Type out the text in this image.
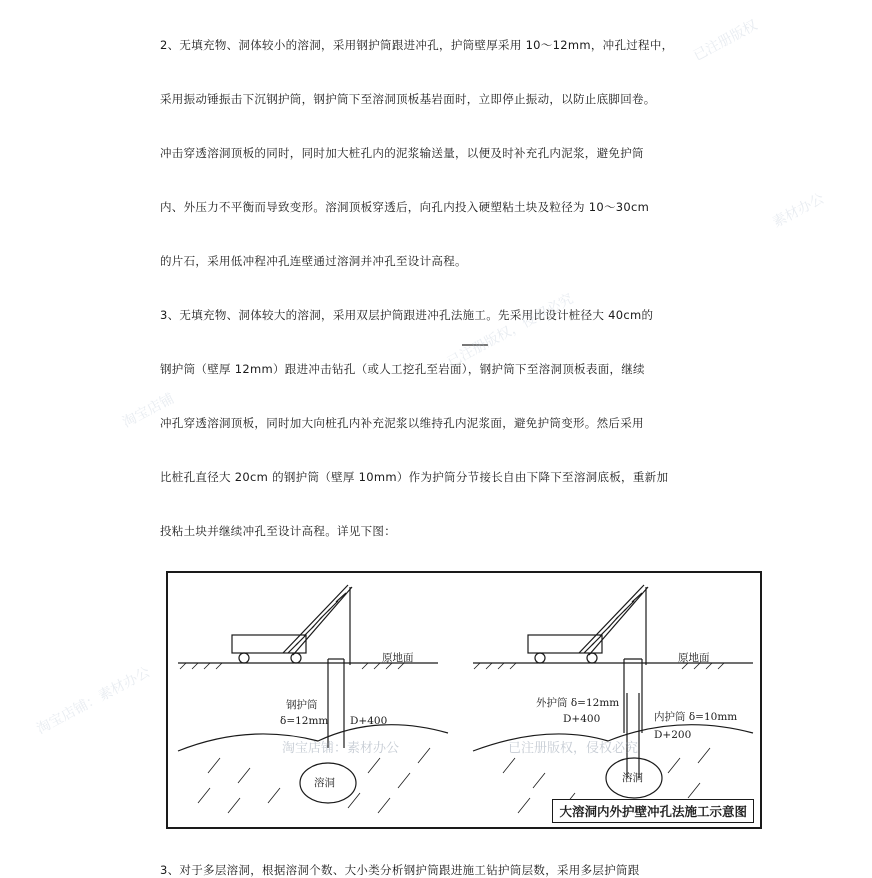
2、无填充物、洞体较小的溶洞，采用钢护筒跟进冲孔，护筒壁厚采用 10～12mm，冲孔过程中，
采用振动锤振击下沉钢护筒，钢护筒下至溶洞顶板基岩面时，立即停止振动，以防止底脚回卷。
冲击穿透溶洞顶板的同时，同时加大桩孔内的泥浆输送量，以便及时补充孔内泥浆，避免护筒
内、外压力不平衡而导致变形。溶洞顶板穿透后，向孔内投入硬塑粘土块及粒径为 10～30cm
的片石，采用低冲程冲孔连壁通过溶洞并冲孔至设计高程。
3、无填充物、洞体较大的溶洞，采用双层护筒跟进冲孔法施工。先采用比设计桩径大 40cm的
钢护筒（壁厚 12mm）跟进冲击钻孔（或人工挖孔至岩面），钢护筒下至溶洞顶板表面，继续
冲孔穿透溶洞顶板，同时加大向桩孔内补充泥浆以维持孔内泥浆面，避免护筒变形。然后采用
比桩孔直径大 20cm 的钢护筒（壁厚 10mm）作为护筒分节接长自由下降下至溶洞底板，重新加
投粘土块并继续冲孔至设计高程。详见下图：
原地面
钢护筒
δ=12mm D+400
溶洞
原地面
外护筒 δ=12mm
D+400	内护筒 δ=10mm
D+200
溶洞
大溶洞内外护壁冲孔法施工示意图
3、对于多层溶洞，根据溶洞个数、大小类分析钢护筒跟进施工钻护筒层数，采用多层护筒跟
淘宝店铺：素材办公	已注册版权，侵权必究
已注册版权
淘宝店铺：素材办公
已注册版权，侵权必究
淘宝店铺
素材办公
